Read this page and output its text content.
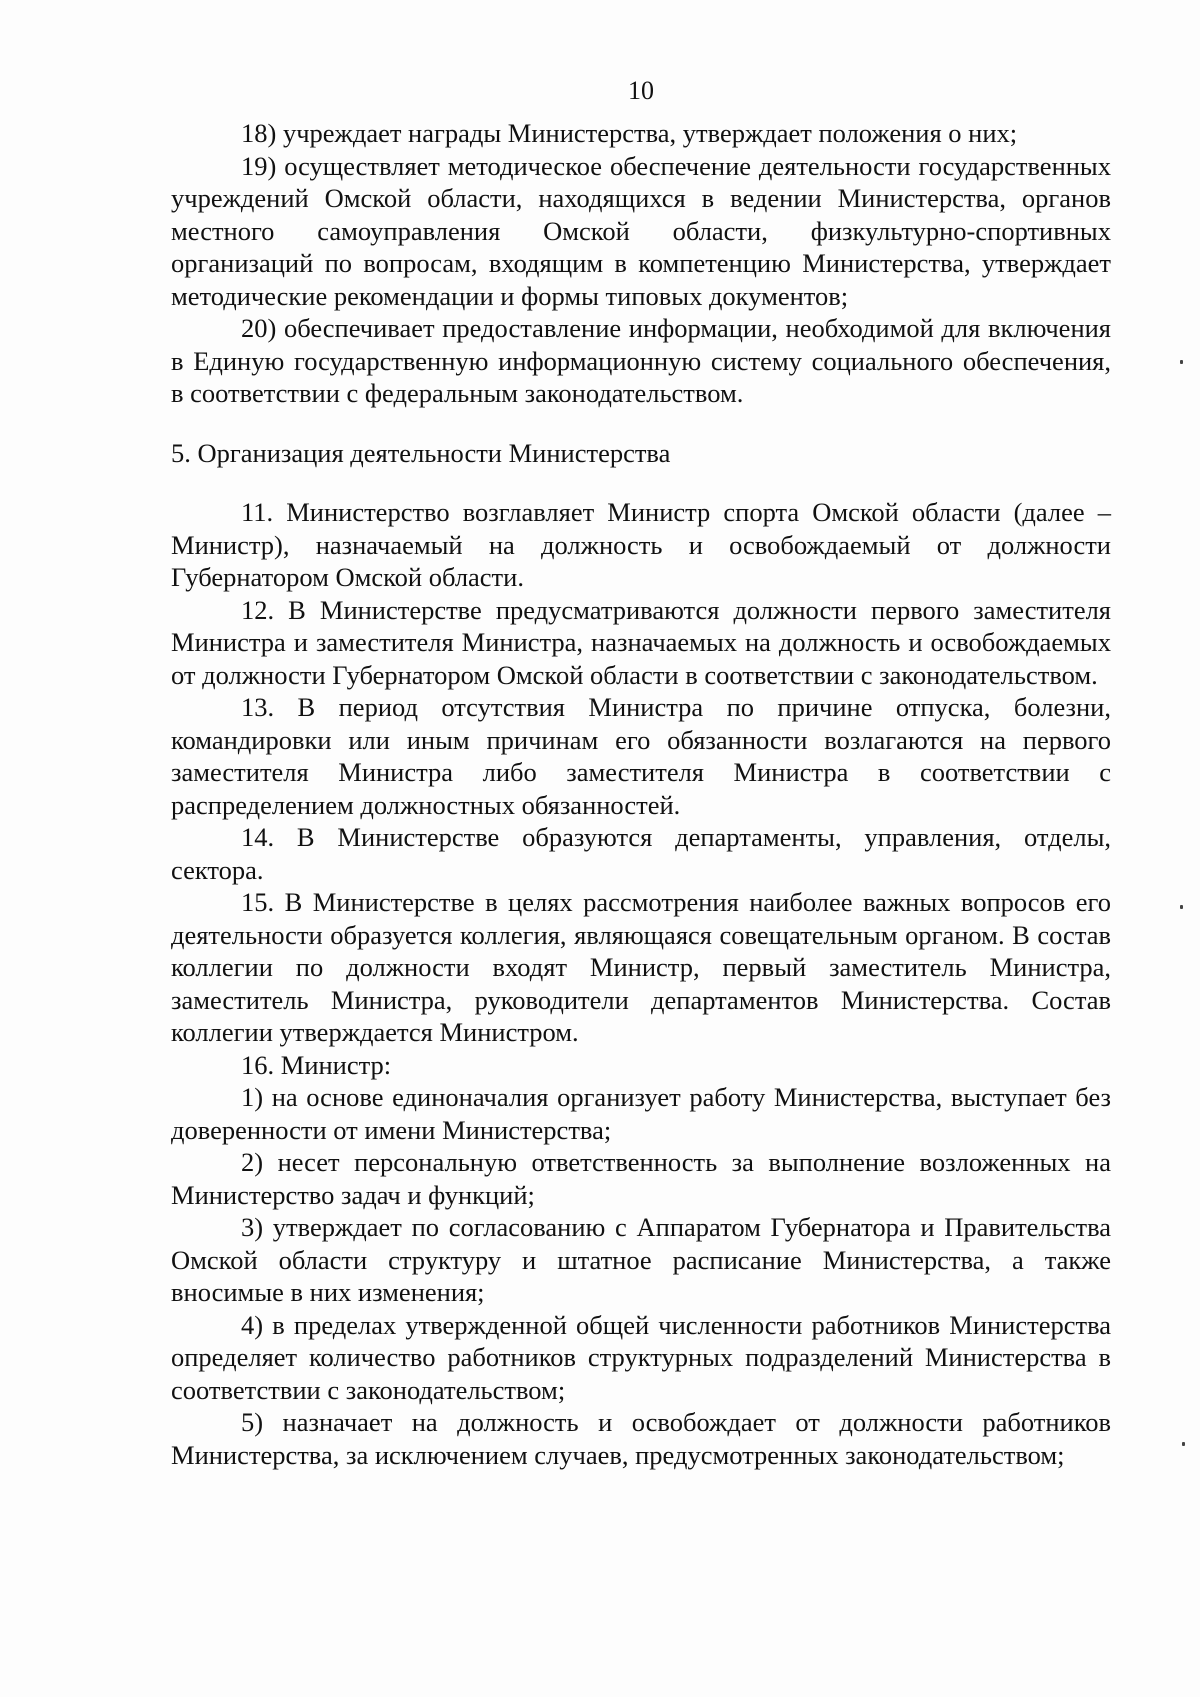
10

18) учреждает награды Министерства, утверждает положения о них;

19) осуществляет методическое обеспечение деятельности государственных учреждений Омской области, находящихся в ведении Министерства, органов местного самоуправления Омской области, физкультурно-спортивных организаций по вопросам, входящим в компетенцию Министерства, утверждает методические рекомендации и формы типовых документов;

20) обеспечивает предоставление информации, необходимой для включения в Единую государственную информационную систему социального обеспечения, в соответствии с федеральным законодательством.

5. Организация деятельности Министерства

11. Министерство возглавляет Министр спорта Омской области (далее – Министр), назначаемый на должность и освобождаемый от должности Губернатором Омской области.

12. В Министерстве предусматриваются должности первого заместителя Министра и заместителя Министра, назначаемых на должность и освобождаемых от должности Губернатором Омской области в соответствии с законодательством.

13. В период отсутствия Министра по причине отпуска, болезни, командировки или иным причинам его обязанности возлагаются на первого заместителя Министра либо заместителя Министра в соответствии с распределением должностных обязанностей.

14. В Министерстве образуются департаменты, управления, отделы, сектора.

15. В Министерстве в целях рассмотрения наиболее важных вопросов его деятельности образуется коллегия, являющаяся совещательным органом. В состав коллегии по должности входят Министр, первый заместитель Министра, заместитель Министра, руководители департаментов Министерства. Состав коллегии утверждается Министром.

16. Министр:

1) на основе единоначалия организует работу Министерства, выступает без доверенности от имени Министерства;

2) несет персональную ответственность за выполнение возложенных на Министерство задач и функций;

3) утверждает по согласованию с Аппаратом Губернатора и Правительства Омской области структуру и штатное расписание Министерства, а также вносимые в них изменения;

4) в пределах утвержденной общей численности работников Министерства определяет количество работников структурных подразделений Министерства в соответствии с законодательством;

5) назначает на должность и освобождает от должности работников Министерства, за исключением случаев, предусмотренных законодательством;
